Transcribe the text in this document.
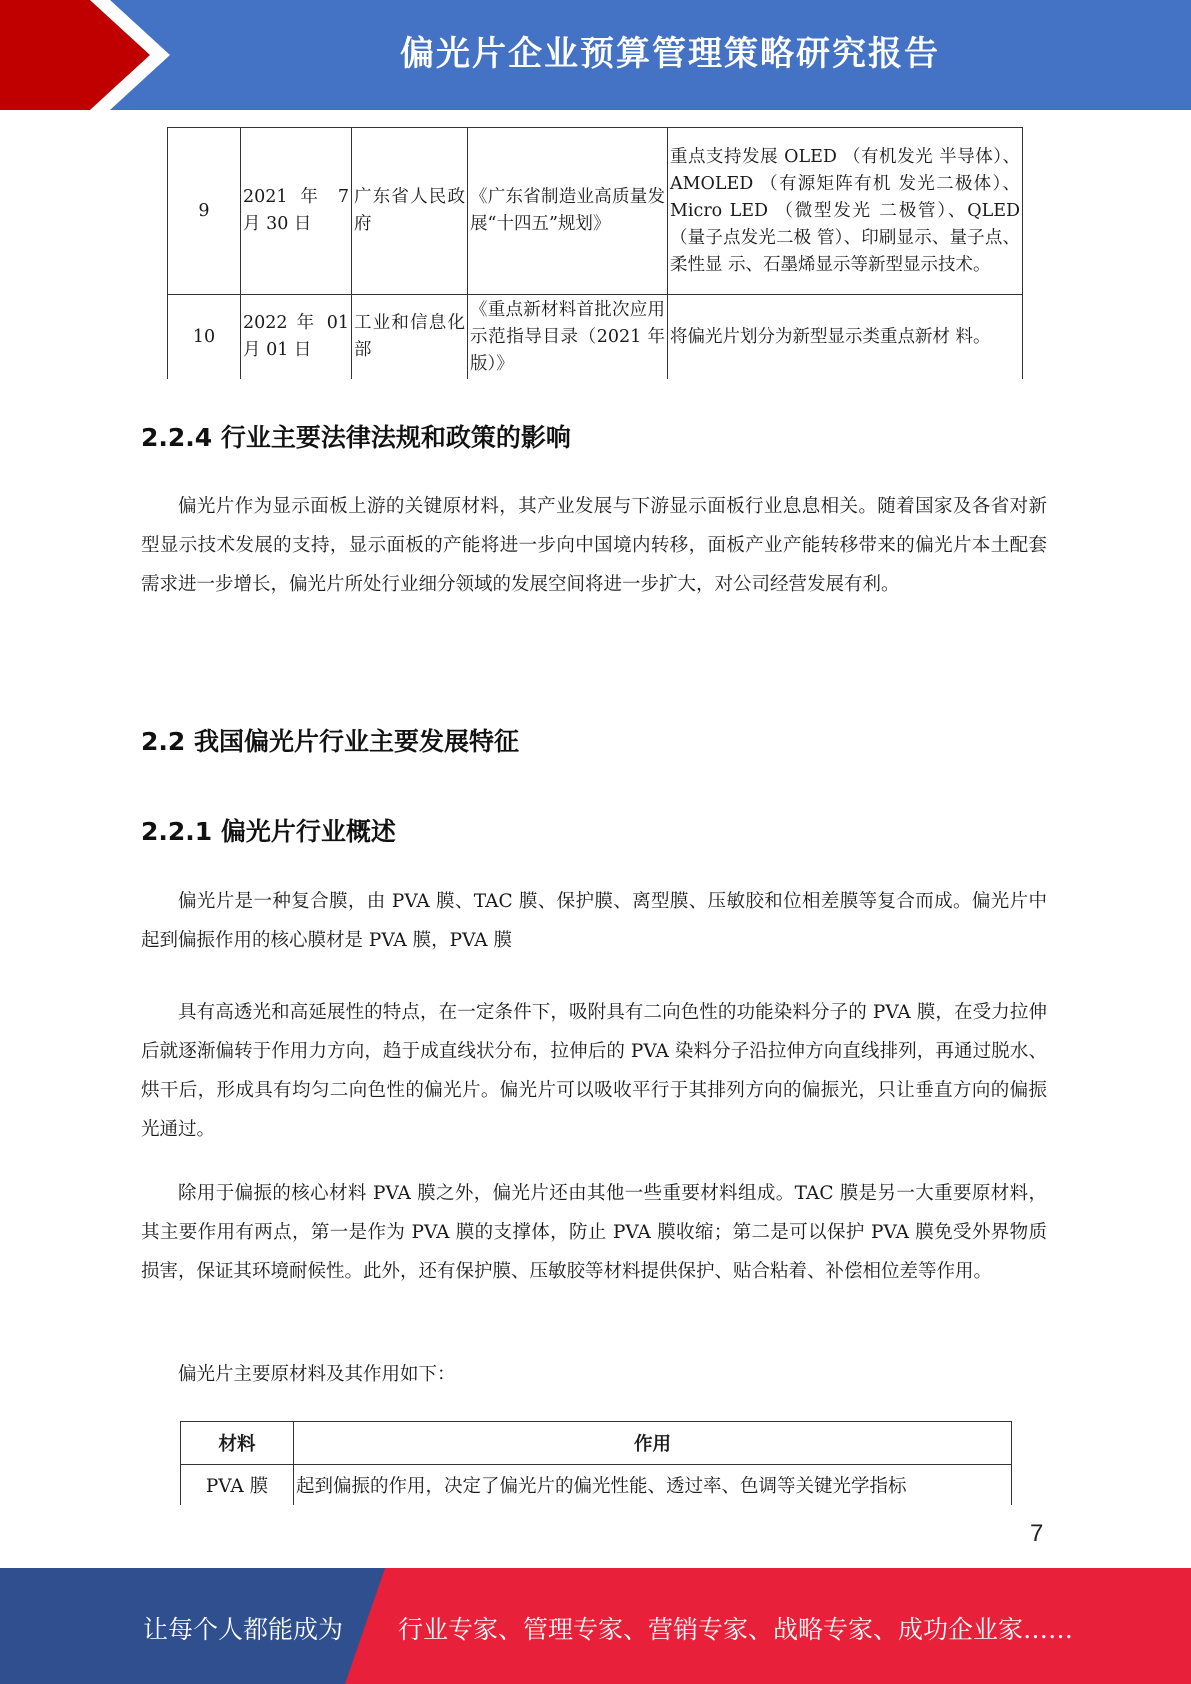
偏光片企业预算管理策略研究报告
9	2021 年 7 月 30 日	广东省人民政府	《广东省制造业高质量发展“十四五”规划》	重点支持发展 OLED （有机发光 半导体）、AMOLED （有源矩阵有机 发光二极体）、Micro LED （微型发光 二极管）、QLED （量子点发光二极 管）、印刷显示、量子点、柔性显 示、石墨烯显示等新型显示技术。
10	2022 年 01 月 01 日	工业和信息化部	《重点新材料首批次应用示范指导目录（2021 年版）》	将偏光片划分为新型显示类重点新材 料。
2.2.4 行业主要法律法规和政策的影响

偏光片作为显示面板上游的关键原材料，其产业发展与下游显示面板行业息息相关。随着国家及各省对新型显示技术发展的支持，显示面板的产能将进一步向中国境内转移，面板产业产能转移带来的偏光片本土配套需求进一步增长，偏光片所处行业细分领域的发展空间将进一步扩大，对公司经营发展有利。

2.2 我国偏光片行业主要发展特征
2.2.1 偏光片行业概述

偏光片是一种复合膜，由 PVA 膜、TAC 膜、保护膜、离型膜、压敏胶和位相差膜等复合而成。偏光片中起到偏振作用的核心膜材是 PVA 膜，PVA 膜

具有高透光和高延展性的特点，在一定条件下，吸附具有二向色性的功能染料分子的 PVA 膜，在受力拉伸后就逐渐偏转于作用力方向，趋于成直线状分布，拉伸后的 PVA 染料分子沿拉伸方向直线排列，再通过脱水、烘干后，形成具有均匀二向色性的偏光片。偏光片可以吸收平行于其排列方向的偏振光，只让垂直方向的偏振光通过。

除用于偏振的核心材料 PVA 膜之外，偏光片还由其他一些重要材料组成。TAC 膜是另一大重要原材料，其主要作用有两点，第一是作为 PVA 膜的支撑体，防止 PVA 膜收缩；第二是可以保护 PVA 膜免受外界物质损害，保证其环境耐候性。此外，还有保护膜、压敏胶等材料提供保护、贴合粘着、补偿相位差等作用。

偏光片主要原材料及其作用如下：

材料	作用
PVA 膜	起到偏振的作用，决定了偏光片的偏光性能、透过率、色调等关键光学指标
7
让每个人都能成为 行业专家、管理专家、营销专家、战略专家、成功企业家……
